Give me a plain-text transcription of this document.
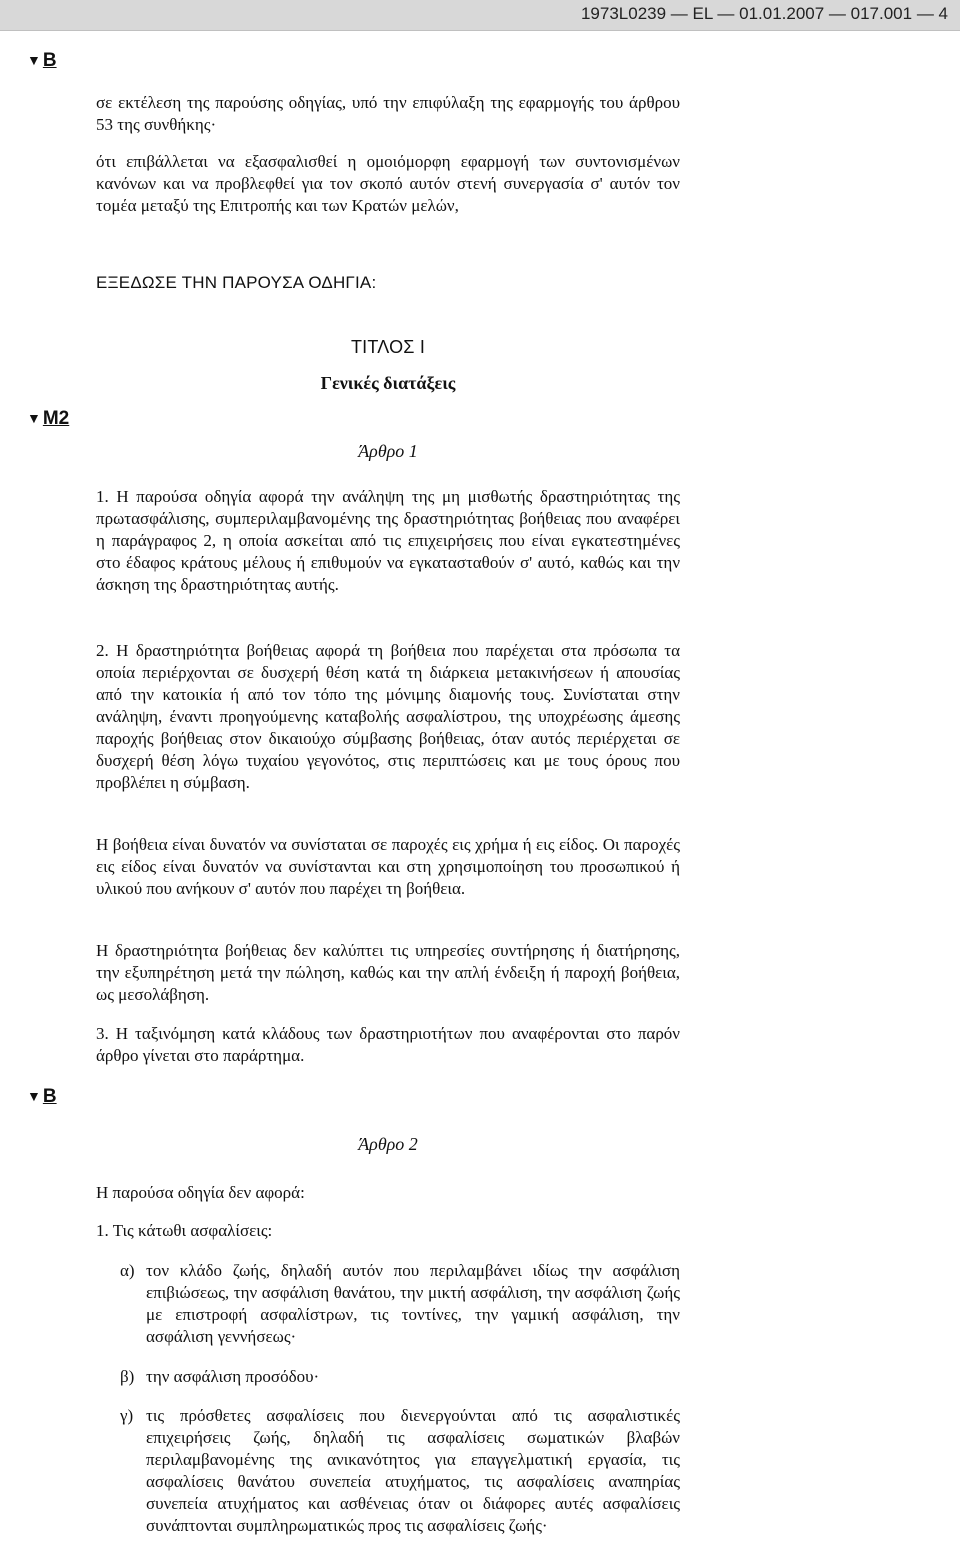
1973L0239 — EL — 01.01.2007 — 017.001 — 4
▼ B
σε εκτέλεση της παρούσης οδηγίας, υπό την επιφύλαξη της εφαρμογής του άρθρου 53 της συνθήκης·
ότι επιβάλλεται να εξασφαλισθεί η ομοιόμορφη εφαρμογή των συντονισμένων κανόνων και να προβλεφθεί για τον σκοπό αυτόν στενή συνεργασία σ' αυτόν τον τομέα μεταξύ της Επιτροπής και των Κρατών μελών,
ΕΞΕΔΩΣΕ ΤΗΝ ΠΑΡΟΥΣΑ ΟΔΗΓΙΑ:
ΤΙΤΛΟΣ I
Γενικές διατάξεις
▼ M2
Άρθρο 1
1. Η παρούσα οδηγία αφορά την ανάληψη της μη μισθωτής δραστηριότητας της πρωτασφάλισης, συμπεριλαμβανομένης της δραστηριότητας βοήθειας που αναφέρει η παράγραφος 2, η οποία ασκείται από τις επιχειρήσεις που είναι εγκατεστημένες στο έδαφος κράτους μέλους ή επιθυμούν να εγκατασταθούν σ' αυτό, καθώς και την άσκηση της δραστηριότητας αυτής.
2. Η δραστηριότητα βοήθειας αφορά τη βοήθεια που παρέχεται στα πρόσωπα τα οποία περιέρχονται σε δυσχερή θέση κατά τη διάρκεια μετακινήσεων ή απουσίας από την κατοικία ή από τον τόπο της μόνιμης διαμονής τους. Συνίσταται στην ανάληψη, έναντι προηγούμενης καταβολής ασφαλίστρου, της υποχρέωσης άμεσης παροχής βοήθειας στον δικαιούχο σύμβασης βοήθειας, όταν αυτός περιέρχεται σε δυσχερή θέση λόγω τυχαίου γεγονότος, στις περιπτώσεις και με τους όρους που προβλέπει η σύμβαση.
Η βοήθεια είναι δυνατόν να συνίσταται σε παροχές εις χρήμα ή εις είδος. Οι παροχές εις είδος είναι δυνατόν να συνίστανται και στη χρησιμοποίηση του προσωπικού ή υλικού που ανήκουν σ' αυτόν που παρέχει τη βοήθεια.
Η δραστηριότητα βοήθειας δεν καλύπτει τις υπηρεσίες συντήρησης ή διατήρησης, την εξυπηρέτηση μετά την πώληση, καθώς και την απλή ένδειξη ή παροχή βοήθεια, ως μεσολάβηση.
3. Η ταξινόμηση κατά κλάδους των δραστηριοτήτων που αναφέρονται στο παρόν άρθρο γίνεται στο παράρτημα.
▼ B
Άρθρο 2
Η παρούσα οδηγία δεν αφορά:
1. Τις κάτωθι ασφαλίσεις:
α) τον κλάδο ζωής, δηλαδή αυτόν που περιλαμβάνει ιδίως την ασφάλιση επιβιώσεως, την ασφάλιση θανάτου, την μικτή ασφάλιση, την ασφάλιση ζωής με επιστροφή ασφαλίστρων, τις τοντίνες, την γαμική ασφάλιση, την ασφάλιση γεννήσεως·
β) την ασφάλιση προσόδου·
γ) τις πρόσθετες ασφαλίσεις που διενεργούνται από τις ασφαλιστικές επιχειρήσεις ζωής, δηλαδή τις ασφαλίσεις σωματικών βλαβών περιλαμβανομένης της ανικανότητος για επαγγελματική εργασία, τις ασφαλίσεις θανάτου συνεπεία ατυχήματος, τις ασφαλίσεις αναπηρίας συνεπεία ατυχήματος και ασθένειας όταν οι διάφορες αυτές ασφαλίσεις συνάπτονται συμπληρωματικώς προς τις ασφαλίσεις ζωής·
